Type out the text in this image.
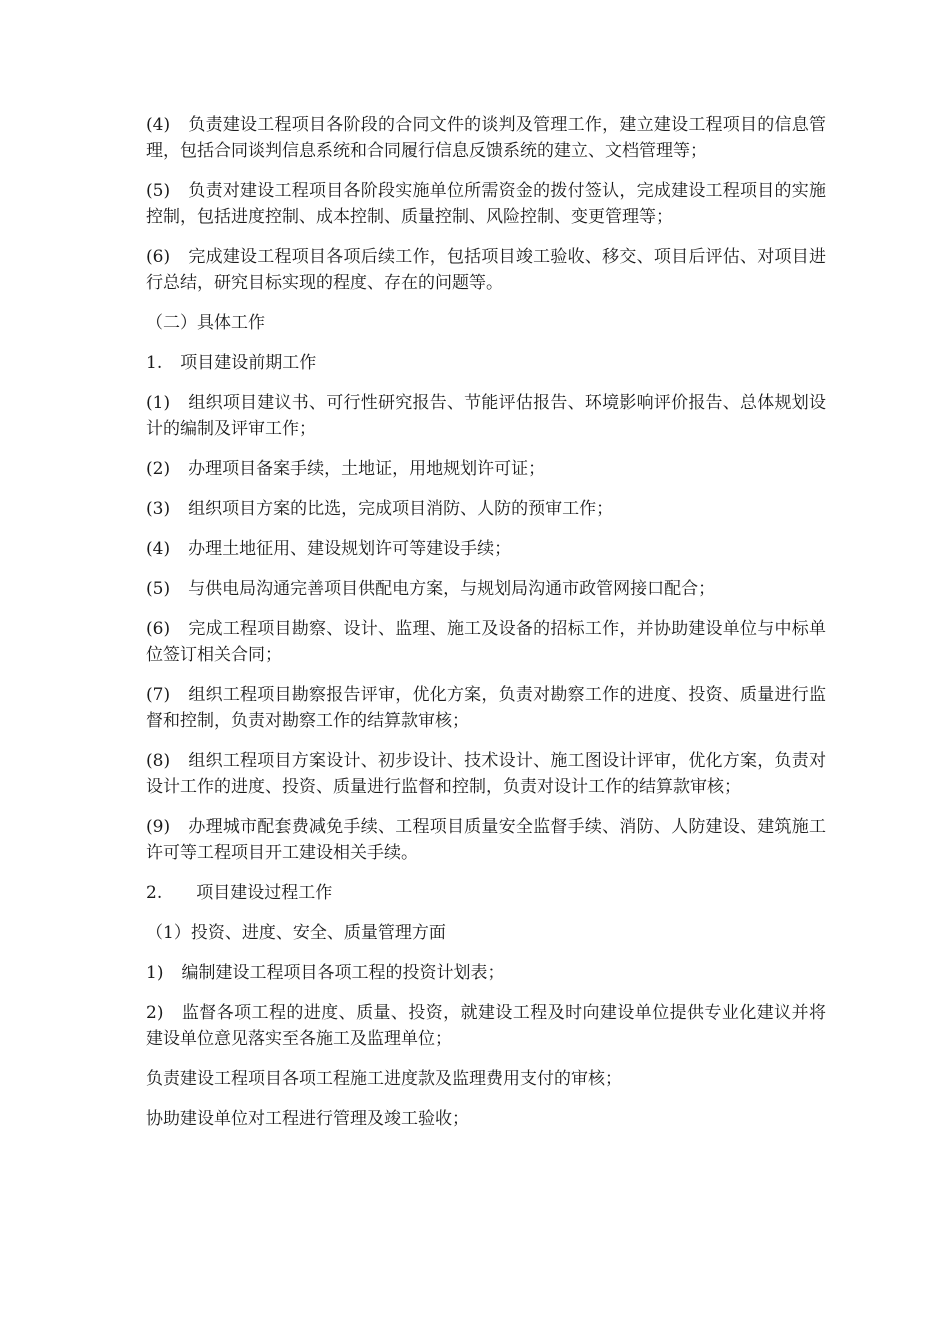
(4) 负责建设工程项目各阶段的合同文件的谈判及管理工作，建立建设工程项目的信息管理，包括合同谈判信息系统和合同履行信息反馈系统的建立、文档管理等；

(5) 负责对建设工程项目各阶段实施单位所需资金的拨付签认，完成建设工程项目的实施控制，包括进度控制、成本控制、质量控制、风险控制、变更管理等；

(6) 完成建设工程项目各项后续工作，包括项目竣工验收、移交、项目后评估、对项目进行总结，研究目标实现的程度、存在的问题等。

（二）具体工作

1. 项目建设前期工作

(1) 组织项目建议书、可行性研究报告、节能评估报告、环境影响评价报告、总体规划设计的编制及评审工作；

(2) 办理项目备案手续，土地证，用地规划许可证；

(3) 组织项目方案的比选，完成项目消防、人防的预审工作；

(4) 办理土地征用、建设规划许可等建设手续；

(5) 与供电局沟通完善项目供配电方案，与规划局沟通市政管网接口配合；

(6) 完成工程项目勘察、设计、监理、施工及设备的招标工作，并协助建设单位与中标单位签订相关合同；

(7) 组织工程项目勘察报告评审，优化方案，负责对勘察工作的进度、投资、质量进行监督和控制，负责对勘察工作的结算款审核；

(8) 组织工程项目方案设计、初步设计、技术设计、施工图设计评审，优化方案，负责对设计工作的进度、投资、质量进行监督和控制，负责对设计工作的结算款审核；

(9) 办理城市配套费减免手续、工程项目质量安全监督手续、消防、人防建设、建筑施工许可等工程项目开工建设相关手续。

2. 项目建设过程工作

（1）投资、进度、安全、质量管理方面

1) 编制建设工程项目各项工程的投资计划表；

2) 监督各项工程的进度、质量、投资，就建设工程及时向建设单位提供专业化建议并将建设单位意见落实至各施工及监理单位；

负责建设工程项目各项工程施工进度款及监理费用支付的审核；

协助建设单位对工程进行管理及竣工验收；
